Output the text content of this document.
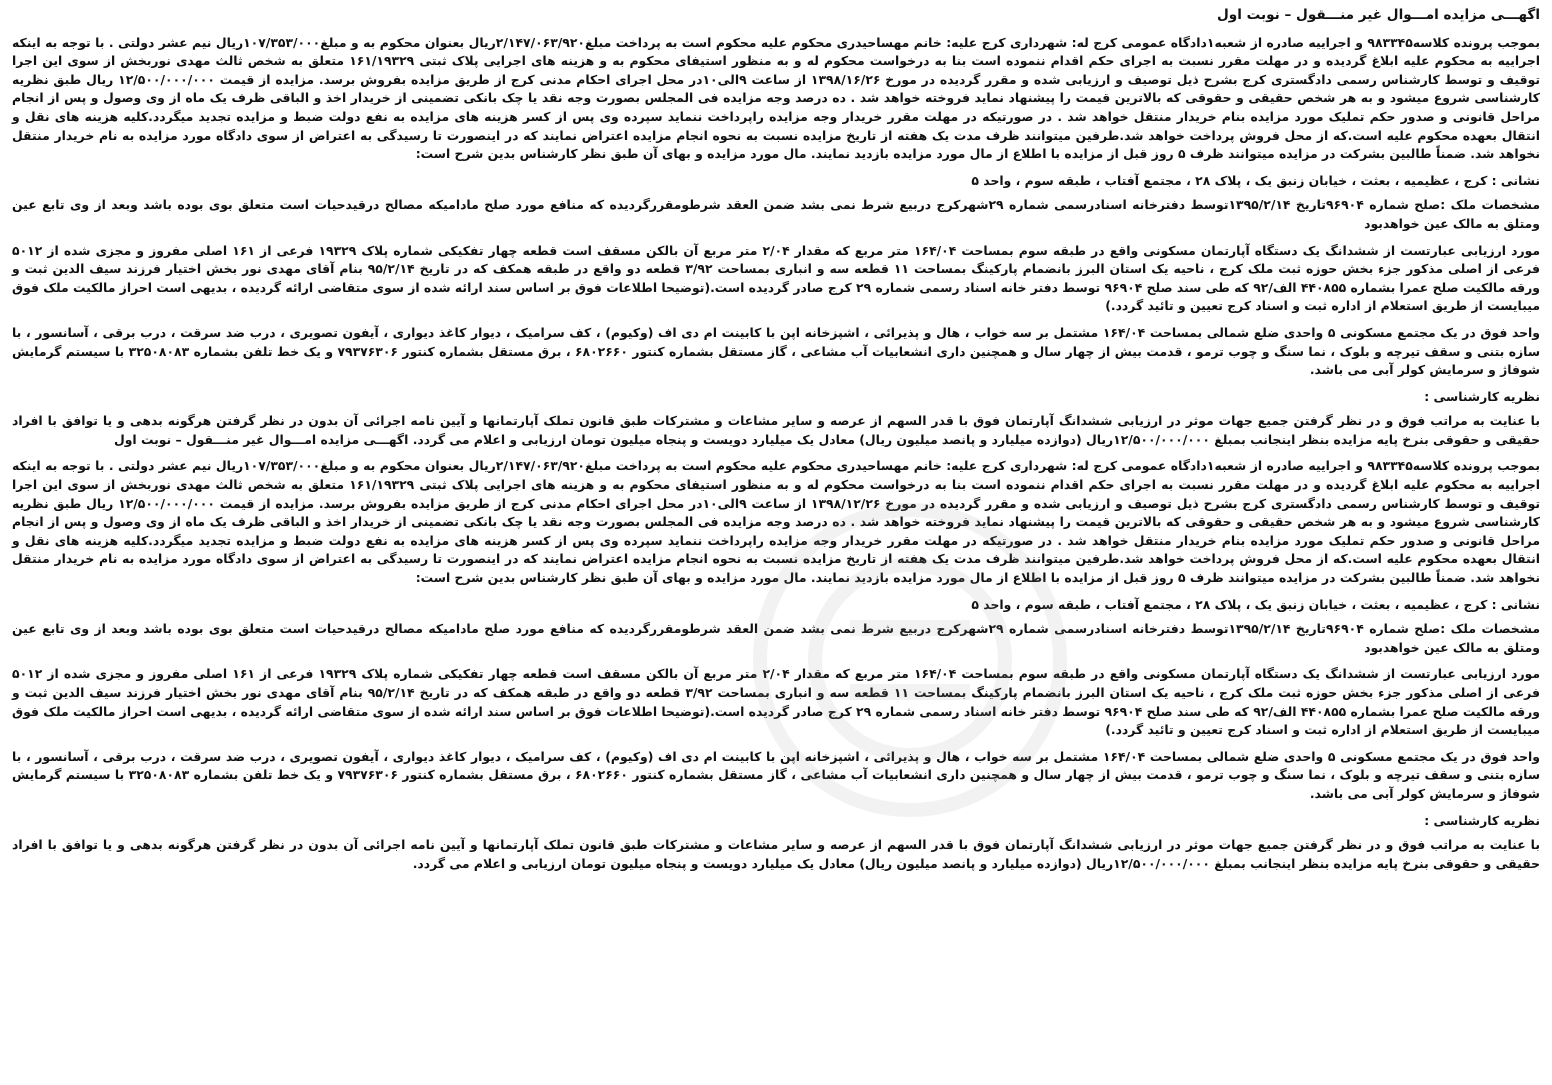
اگهـــی مزایده امـــوال غیر منـــقول – نوبت اول
بموجب پرونده کلاسه۹۸۳۳۴۵ و اجراییه صادره از شعبه۱دادگاه عمومی کرج له: شهرداری کرج علیه: خانم مهساحیدری محکوم علیه محکوم است به پرداخت مبلغ۲/۱۴۷/۰۶۳/۹۲۰ریال بعنوان محکوم به و مبلغ۱۰۷/۳۵۳/۰۰۰ریال نیم عشر دولتی . با توجه به اینکه اجراییه به محکوم علیه ابلاغ گردیده و در مهلت مقرر نسبت به اجرای حکم اقدام ننموده است بنا به درخواست محکوم له و به منظور استیفای محکوم به و هزینه های اجرایی پلاک ثبتی ۱۶۱/۱۹۳۲۹ متعلق به شخص ثالث مهدی نوربخش از سوی این اجرا توقیف و توسط کارشناس رسمی دادگستری کرج بشرح ذیل توصیف و ارزیابی شده و مقرر گردیده در مورخ ۱۳۹۸/۱۶/۲۶ از ساعت ۹الی۱۰در محل اجرای احکام مدنی کرج از طریق مزایده بفروش برسد. مزایده از قیمت ۱۲/۵۰۰/۰۰۰/۰۰۰ ریال طبق نظریه کارشناسی شروع میشود و به هر شخص حقیقی و حقوقی که بالاترین قیمت را پیشنهاد نماید فروخته خواهد شد . ده درصد وجه مزایده فی المجلس بصورت وجه نقد یا چک بانکی تضمینی از خریدار اخذ و الباقی ظرف یک ماه از وی وصول و پس از انجام مراحل قانونی و صدور حکم تملیک مورد مزایده بنام خریدار منتقل خواهد شد . در صورتیکه در مهلت مقرر خریدار وجه مزایده راپرداخت ننماید سپرده وی پس از کسر هزینه های مزایده به نفع دولت ضبط و مزایده تجدید میگردد.کلیه هزینه های نقل و انتقال بعهده محکوم علیه است.که از محل فروش پرداخت خواهد شد.طرفین میتوانند ظرف مدت یک هفته از تاریخ مزایده نسبت به نحوه انجام مزایده اعتراض نمایند که در اینصورت تا رسیدگی به اعتراض از سوی دادگاه مورد مزایده به نام خریدار منتقل نخواهد شد. ضمناً طالبین بشرکت در مزایده میتوانند ظرف ۵ روز قبل از مزایده با اطلاع از مال مورد مزایده بازدید نمایند. مال مورد مزایده و بهای آن طبق نظر کارشناس بدین شرح است:
نشانی : کرج ، عظیمیه ، بعثت ، خیابان زنبق یک ، پلاک ۲۸ ، مجتمع آفتاب ، طبقه سوم ، واحد ۵
مشخصات ملک :صلح شماره ۹۶۹۰۴تاریخ ۱۳۹۵/۲/۱۴توسط دفترخانه اسنادرسمی شماره ۲۹شهرکرج دربیع شرط نمی بشد ضمن العقد شرطومقررگردیده که منافع مورد صلح مادامیکه مصالح درقیدحیات است متعلق بوی بوده باشد وبعد از وی تابع عین ومتلق به مالک عین خواهدبود
مورد ارزیابی عبارتست از ششدانگ یک دستگاه آپارتمان مسکونی واقع در طبقه سوم بمساحت ۱۶۴/۰۴ متر مربع که مقدار ۲/۰۴ متر مربع آن بالکن مسقف است قطعه چهار تفکیکی شماره پلاک ۱۹۳۲۹ فرعی از ۱۶۱ اصلی مفروز و مجزی شده از ۵۰۱۲ فرعی از اصلی مذکور جزء بخش حوزه ثبت ملک کرج ، ناحیه یک استان البرز بانضمام پارکینگ بمساحت ۱۱ قطعه سه و انباری بمساحت ۳/۹۲ قطعه دو واقع در طبقه همکف که در تاریخ ۹۵/۲/۱۴ بنام آقای مهدی نور بخش اختیار فرزند سیف الدین ثبت و ورقه مالکیت صلح عمرا بشماره ۴۴۰۸۵۵ الف/۹۲ که طی سند صلح ۹۶۹۰۴ توسط دفتر خانه اسناد رسمی شماره ۲۹ کرج صادر گردیده است.(توضیحا اطلاعات فوق بر اساس سند ارائه شده از سوی متقاضی ارائه گردیده ، بدیهی است احراز مالکیت ملک فوق میبایست از طریق استعلام از اداره ثبت و اسناد کرج تعیین و تائید گردد.)
واحد فوق در یک مجتمع مسکونی ۵ واحدی ضلع شمالی بمساحت ۱۶۴/۰۴ مشتمل بر سه خواب ، هال و پذیرائی ، اشپزخانه اپن با کابینت ام دی اف (وکیوم) ، کف سرامیک ، دیوار کاغذ دیواری ، آیفون تصویری ، درب ضد سرقت ، درب برقی ، آسانسور ، با سازه بتنی و سقف تیرچه و بلوک ، نما سنگ و چوب ترمو ، قدمت بیش از چهار سال و همچنین داری انشعابیات آب مشاعی ، گاز مستقل بشماره کنتور ۶۸۰۲۶۶۰ ، برق مستقل بشماره کنتور ۷۹۳۷۶۳۰۶ و یک خط تلفن بشماره ۳۲۵۰۸۰۸۳ با سیستم گرمایش شوفاژ و سرمایش کولر آبی می باشد.
نظریه کارشناسی :
با عنایت به مراتب فوق و در نظر گرفتن جمیع جهات موثر در ارزیابی ششدانگ آپارتمان فوق با قدر السهم از عرصه و سایر مشاعات و مشترکات طبق قانون تملک آپارتمانها و آیین نامه اجرائی آن بدون در نظر گرفتن هرگونه بدهی و یا توافق با افراد حقیقی و حقوقی بنرخ پایه مزایده بنظر اینجانب بمبلغ ۱۲/۵۰۰/۰۰۰/۰۰۰ریال (دوازده میلیارد و پانصد میلیون ریال) معادل یک میلیارد دویست و پنجاه میلیون تومان ارزیابی و اعلام می گردد. اگهـــی مزایده امـــوال غیر منـــقول – نوبت اول
بموجب پرونده کلاسه۹۸۳۳۴۵ و اجراییه صادره از شعبه۱دادگاه عمومی کرج له: شهرداری کرج علیه: خانم مهساحیدری محکوم علیه محکوم است به پرداخت مبلغ۲/۱۴۷/۰۶۳/۹۲۰ریال بعنوان محکوم به و مبلغ۱۰۷/۳۵۳/۰۰۰ریال نیم عشر دولتی . با توجه به اینکه اجراییه به محکوم علیه ابلاغ گردیده و در مهلت مقرر نسبت به اجرای حکم اقدام ننموده است بنا به درخواست محکوم له و به منظور استیفای محکوم به و هزینه های اجرایی پلاک ثبتی ۱۶۱/۱۹۳۲۹ متعلق به شخص ثالث مهدی نوربخش از سوی این اجرا توقیف و توسط کارشناس رسمی دادگستری کرج بشرح ذیل توصیف و ارزیابی شده و مقرر گردیده در مورخ ۱۳۹۸/۱۲/۲۶ از ساعت ۹الی۱۰در محل اجرای احکام مدنی کرج از طریق مزایده بفروش برسد. مزایده از قیمت ۱۲/۵۰۰/۰۰۰/۰۰۰ ریال طبق نظریه کارشناسی شروع میشود و به هر شخص حقیقی و حقوقی که بالاترین قیمت را پیشنهاد نماید فروخته خواهد شد . ده درصد وجه مزایده فی المجلس بصورت وجه نقد یا چک بانکی تضمینی از خریدار اخذ و الباقی ظرف یک ماه از وی وصول و پس از انجام مراحل قانونی و صدور حکم تملیک مورد مزایده بنام خریدار منتقل خواهد شد . در صورتیکه در مهلت مقرر خریدار وجه مزایده راپرداخت ننماید سپرده وی پس از کسر هزینه های مزایده به نفع دولت ضبط و مزایده تجدید میگردد.کلیه هزینه های نقل و انتقال بعهده محکوم علیه است.که از محل فروش پرداخت خواهد شد.طرفین میتوانند ظرف مدت یک هفته از تاریخ مزایده نسبت به نحوه انجام مزایده اعتراض نمایند که در اینصورت تا رسیدگی به اعتراض از سوی دادگاه مورد مزایده به نام خریدار منتقل نخواهد شد. ضمناً طالبین بشرکت در مزایده میتوانند ظرف ۵ روز قبل از مزایده با اطلاع از مال مورد مزایده بازدید نمایند. مال مورد مزایده و بهای آن طبق نظر کارشناس بدین شرح است:
نشانی : کرج ، عظیمیه ، بعثت ، خیابان زنبق یک ، پلاک ۲۸ ، مجتمع آفتاب ، طبقه سوم ، واحد ۵
مشخصات ملک :صلح شماره ۹۶۹۰۴تاریخ ۱۳۹۵/۲/۱۴توسط دفترخانه اسنادرسمی شماره ۲۹شهرکرج دربیع شرط نمی بشد ضمن العقد شرطومقررگردیده که منافع مورد صلح مادامیکه مصالح درقیدحیات است متعلق بوی بوده باشد وبعد از وی تابع عین ومتلق به مالک عین خواهدبود
مورد ارزیابی عبارتست از ششدانگ یک دستگاه آپارتمان مسکونی واقع در طبقه سوم بمساحت ۱۶۴/۰۴ متر مربع که مقدار ۲/۰۴ متر مربع آن بالکن مسقف است قطعه چهار تفکیکی شماره پلاک ۱۹۳۲۹ فرعی از ۱۶۱ اصلی مفروز و مجزی شده از ۵۰۱۲ فرعی از اصلی مذکور جزء بخش حوزه ثبت ملک کرج ، ناحیه یک استان البرز بانضمام پارکینگ بمساحت ۱۱ قطعه سه و انباری بمساحت ۳/۹۲ قطعه دو واقع در طبقه همکف که در تاریخ ۹۵/۲/۱۴ بنام آقای مهدی نور بخش اختیار فرزند سیف الدین ثبت و ورقه مالکیت صلح عمرا بشماره ۴۴۰۸۵۵ الف/۹۲ که طی سند صلح ۹۶۹۰۴ توسط دفتر خانه اسناد رسمی شماره ۲۹ کرج صادر گردیده است.(توضیحا اطلاعات فوق بر اساس سند ارائه شده از سوی متقاضی ارائه گردیده ، بدیهی است احراز مالکیت ملک فوق میبایست از طریق استعلام از اداره ثبت و اسناد کرج تعیین و تائید گردد.)
واحد فوق در یک مجتمع مسکونی ۵ واحدی ضلع شمالی بمساحت ۱۶۴/۰۴ مشتمل بر سه خواب ، هال و پذیرائی ، اشپزخانه اپن با کابینت ام دی اف (وکیوم) ، کف سرامیک ، دیوار کاغذ دیواری ، آیفون تصویری ، درب ضد سرقت ، درب برقی ، آسانسور ، با سازه بتنی و سقف تیرچه و بلوک ، نما سنگ و چوب ترمو ، قدمت بیش از چهار سال و همچنین داری انشعابیات آب مشاعی ، گاز مستقل بشماره کنتور ۶۸۰۲۶۶۰ ، برق مستقل بشماره کنتور ۷۹۳۷۶۳۰۶ و یک خط تلفن بشماره ۳۲۵۰۸۰۸۳ با سیستم گرمایش شوفاژ و سرمایش کولر آبی می باشد.
نظریه کارشناسی :
با عنایت به مراتب فوق و در نظر گرفتن جمیع جهات موثر در ارزیابی ششدانگ آپارتمان فوق با قدر السهم از عرصه و سایر مشاعات و مشترکات طبق قانون تملک آپارتمانها و آیین نامه اجرائی آن بدون در نظر گرفتن هرگونه بدهی و یا توافق با افراد حقیقی و حقوقی بنرخ پایه مزایده بنظر اینجانب بمبلغ ۱۲/۵۰۰/۰۰۰/۰۰۰ریال (دوازده میلیارد و پانصد میلیون ریال) معادل یک میلیارد دویست و پنجاه میلیون تومان ارزیابی و اعلام می گردد.
